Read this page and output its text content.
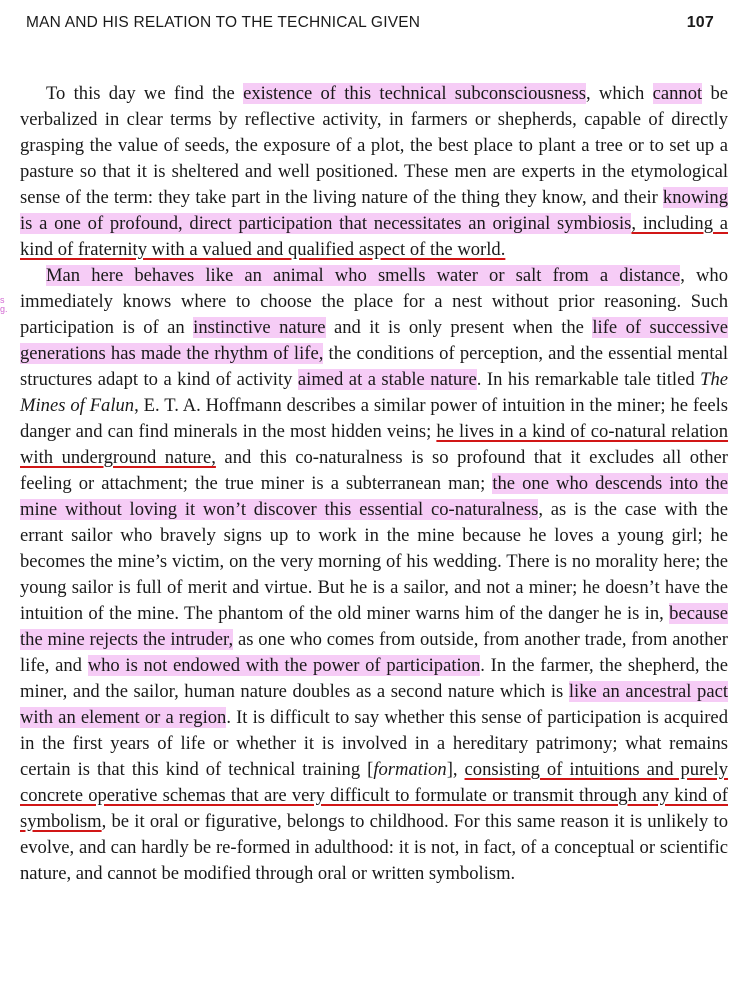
MAN AND HIS RELATION TO THE TECHNICAL GIVEN	107
s g.

To this day we find the existence of this technical subconsciousness, which cannot be verbalized in clear terms by reflective activity, in farmers or shepherds, capable of directly grasping the value of seeds, the exposure of a plot, the best place to plant a tree or to set up a pasture so that it is sheltered and well positioned. These men are experts in the etymological sense of the term: they take part in the living nature of the thing they know, and their knowing is a one of profound, direct participation that necessitates an original symbiosis, including a kind of fraternity with a valued and qualified aspect of the world.

Man here behaves like an animal who smells water or salt from a distance, who immediately knows where to choose the place for a nest without prior reasoning. Such participation is of an instinctive nature and it is only present when the life of successive generations has made the rhythm of life, the conditions of perception, and the essential mental structures adapt to a kind of activity aimed at a stable nature. In his remarkable tale titled The Mines of Falun, E. T. A. Hoffmann describes a similar power of intuition in the miner; he feels danger and can find minerals in the most hidden veins; he lives in a kind of co-natural relation with underground nature, and this co-naturalness is so profound that it excludes all other feeling or attachment; the true miner is a subterranean man; the one who descends into the mine without loving it won’t discover this essential co-naturalness, as is the case with the errant sailor who bravely signs up to work in the mine because he loves a young girl; he becomes the mine’s victim, on the very morning of his wedding. There is no morality here; the young sailor is full of merit and virtue. But he is a sailor, and not a miner; he doesn’t have the intuition of the mine. The phantom of the old miner warns him of the danger he is in, because the mine rejects the intruder, as one who comes from outside, from another trade, from another life, and who is not endowed with the power of participation. In the farmer, the shepherd, the miner, and the sailor, human nature doubles as a second nature which is like an ancestral pact with an element or a region. It is difficult to say whether this sense of participation is acquired in the first years of life or whether it is involved in a hereditary patrimony; what remains certain is that this kind of technical training [formation], consisting of intuitions and purely concrete operative schemas that are very difficult to formulate or transmit through any kind of symbolism, be it oral or figurative, belongs to childhood. For this same reason it is unlikely to evolve, and can hardly be re-formed in adulthood: it is not, in fact, of a conceptual or scientific nature, and cannot be modified through oral or written symbolism.
